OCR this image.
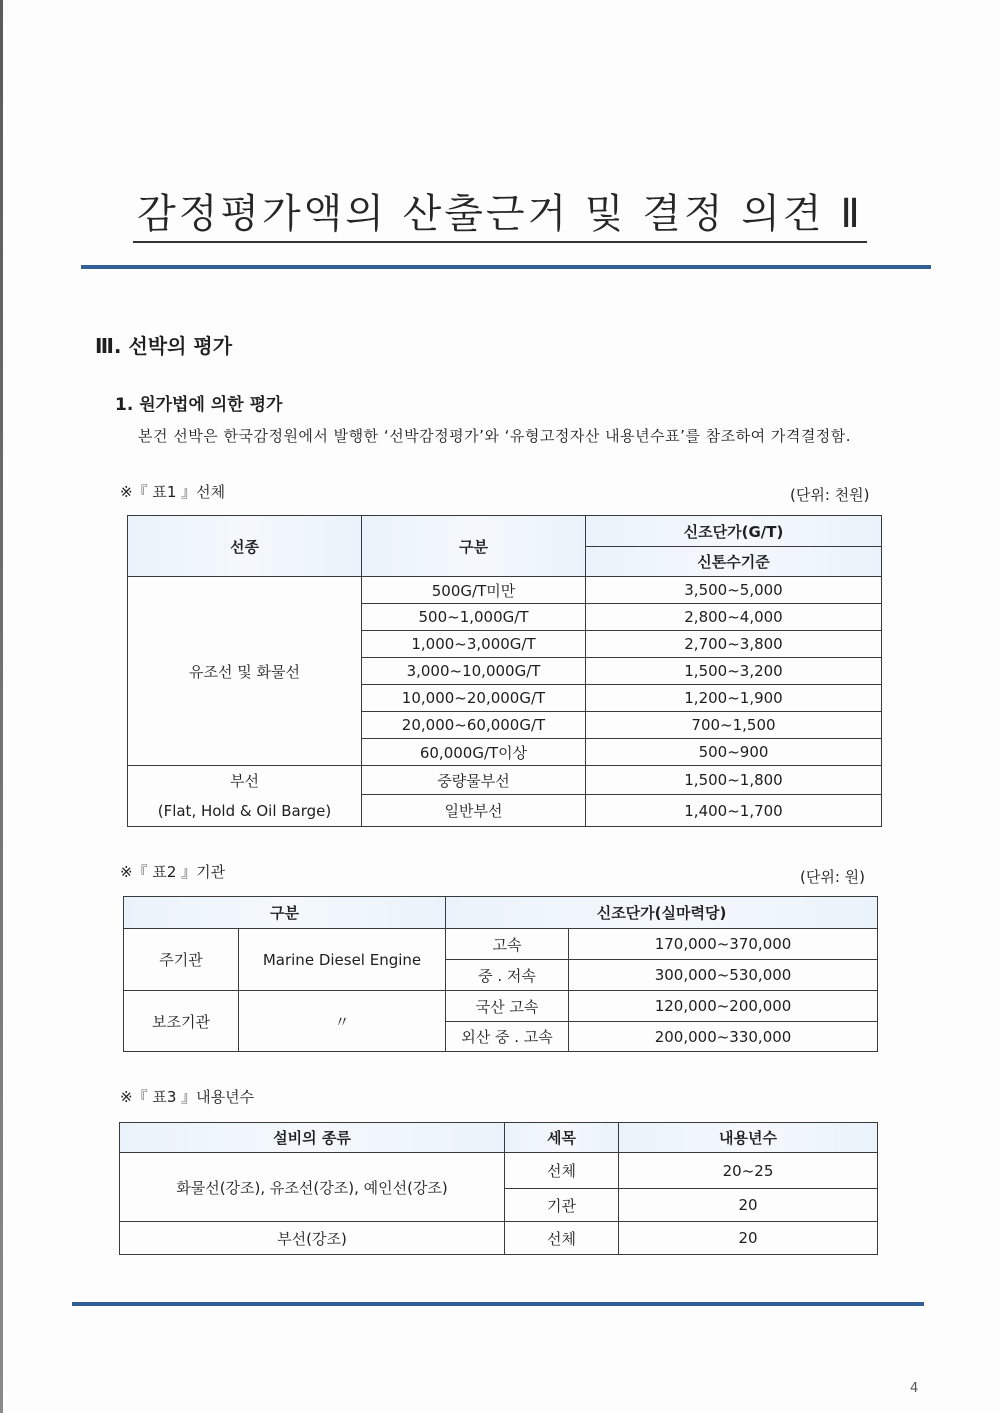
감정평가액의 산출근거 및 결정 의견 Ⅱ
Ⅲ. 선박의 평가
1. 원가법에 의한 평가
본건 선박은 한국감정원에서 발행한 ‘선박감정평가’와 ‘유형고정자산 내용년수표’를 참조하여 가격결정함.
※『 표1 』선체	(단위: 천원)
선종	구분	신조단가(G/T)
		신톤수기준
유조선 및 화물선	500G/T미만	3,500~5,000
	500~1,000G/T	2,800~4,000
	1,000~3,000G/T	2,700~3,800
	3,000~10,000G/T	1,500~3,200
	10,000~20,000G/T	1,200~1,900
	20,000~60,000G/T	700~1,500
	60,000G/T이상	500~900

부선
(Flat, Hold & Oil Barge)	중량물부선	1,500~1,800
	일반부선	1,400~1,700
※『 표2 』기관	(단위: 원)
구분		신조단가(실마력당)	
주기관	Marine Diesel Engine	고속	170,000~370,000
		중 . 저속	300,000~530,000
보조기관	〃	국산 고속	120,000~200,000
		외산 중 . 고속	200,000~330,000
※『 표3 』내용년수
설비의 종류	세목	내용년수
화물선(강조), 유조선(강조), 예인선(강조)	선체	20~25
	기관	20
부선(강조)	선체	20
4
